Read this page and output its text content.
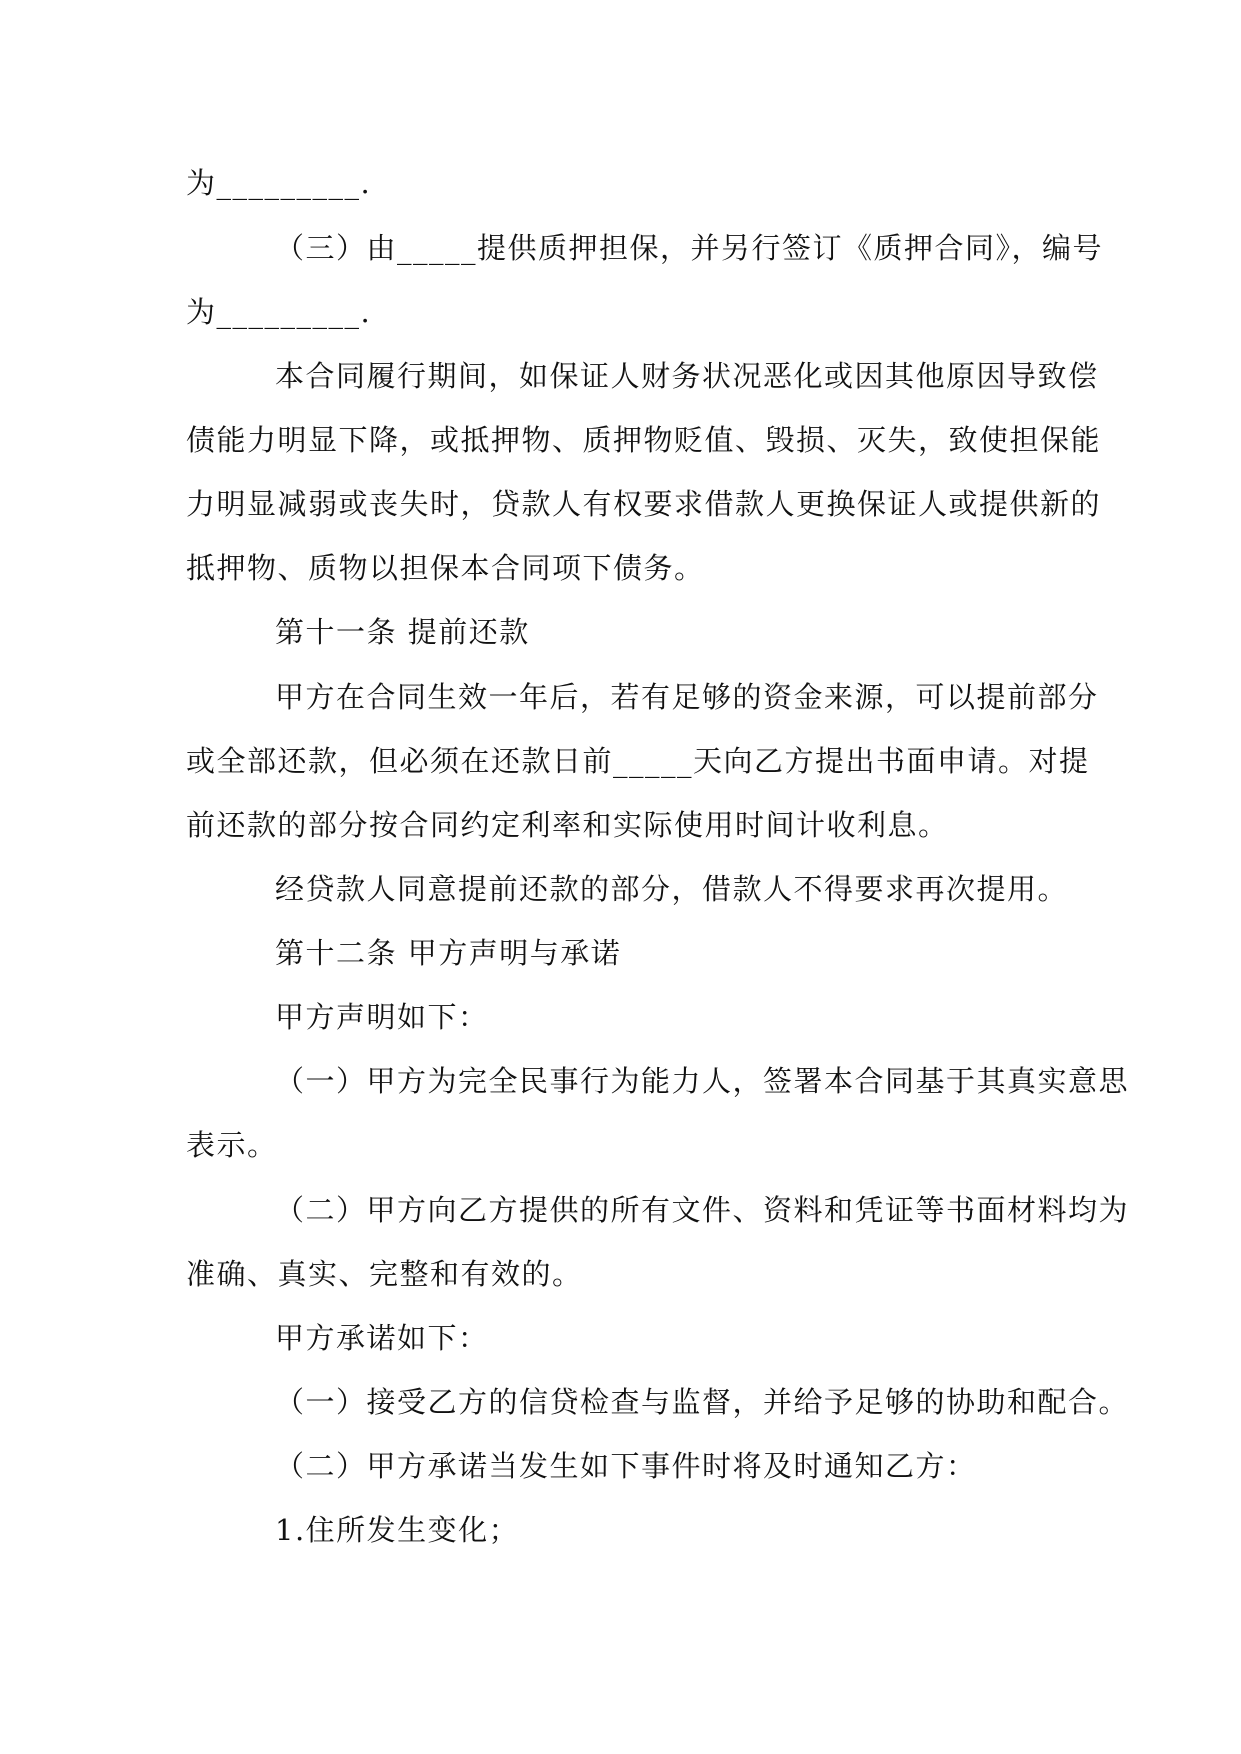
为_________.

（三）由_____提供质押担保，并另行签订《质押合同》，编号

为_________.

本合同履行期间，如保证人财务状况恶化或因其他原因导致偿

债能力明显下降，或抵押物、质押物贬值、毁损、灭失，致使担保能

力明显减弱或丧失时，贷款人有权要求借款人更换保证人或提供新的

抵押物、质物以担保本合同项下债务。

第十一条 提前还款

甲方在合同生效一年后，若有足够的资金来源，可以提前部分

或全部还款，但必须在还款日前_____天向乙方提出书面申请。对提

前还款的部分按合同约定利率和实际使用时间计收利息。

经贷款人同意提前还款的部分，借款人不得要求再次提用。

第十二条 甲方声明与承诺

甲方声明如下：

（一）甲方为完全民事行为能力人，签署本合同基于其真实意思

表示。

（二）甲方向乙方提供的所有文件、资料和凭证等书面材料均为

准确、真实、完整和有效的。

甲方承诺如下：

（一）接受乙方的信贷检查与监督，并给予足够的协助和配合。

（二）甲方承诺当发生如下事件时将及时通知乙方：

1.住所发生变化；
